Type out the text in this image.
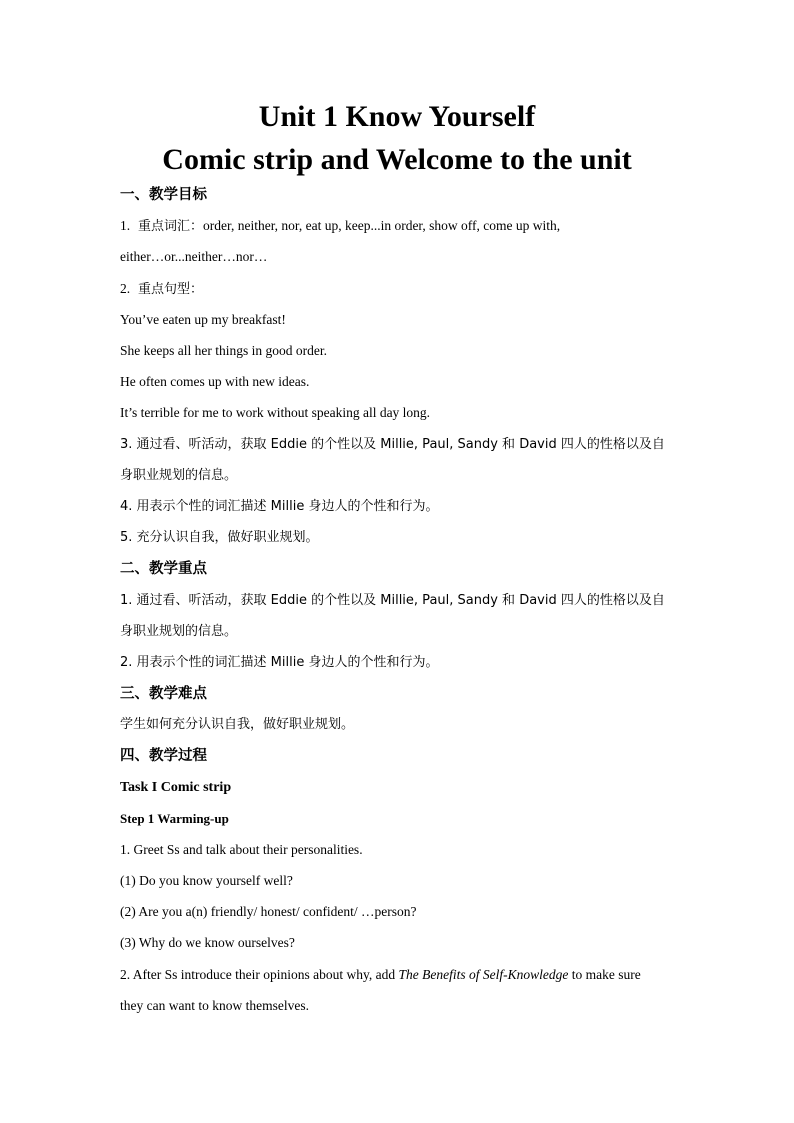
Unit 1 Know Yourself
Comic strip and Welcome to the unit
一、教学目标
1. 重点词汇：order, neither, nor, eat up, keep...in order, show off, come up with,
either…or...neither…nor…
2. 重点句型：
You’ve eaten up my breakfast!
She keeps all her things in good order.
He often comes up with new ideas.
It’s terrible for me to work without speaking all day long.
3. 通过看、听活动，获取 Eddie 的个性以及 Millie, Paul, Sandy 和 David 四人的性格以及自
身职业规划的信息。
4. 用表示个性的词汇描述 Millie 身边人的个性和行为。
5. 充分认识自我，做好职业规划。
二、教学重点
1. 通过看、听活动，获取 Eddie 的个性以及 Millie, Paul, Sandy 和 David 四人的性格以及自
身职业规划的信息。
2. 用表示个性的词汇描述 Millie 身边人的个性和行为。
三、教学难点
学生如何充分认识自我，做好职业规划。
四、教学过程
Task I Comic strip
Step 1 Warming-up
1. Greet Ss and talk about their personalities.
(1) Do you know yourself well?
(2) Are you a(n) friendly/ honest/ confident/ …person?
(3) Why do we know ourselves?
2. After Ss introduce their opinions about why, add The Benefits of Self-Knowledge to make sure
they can want to know themselves.
